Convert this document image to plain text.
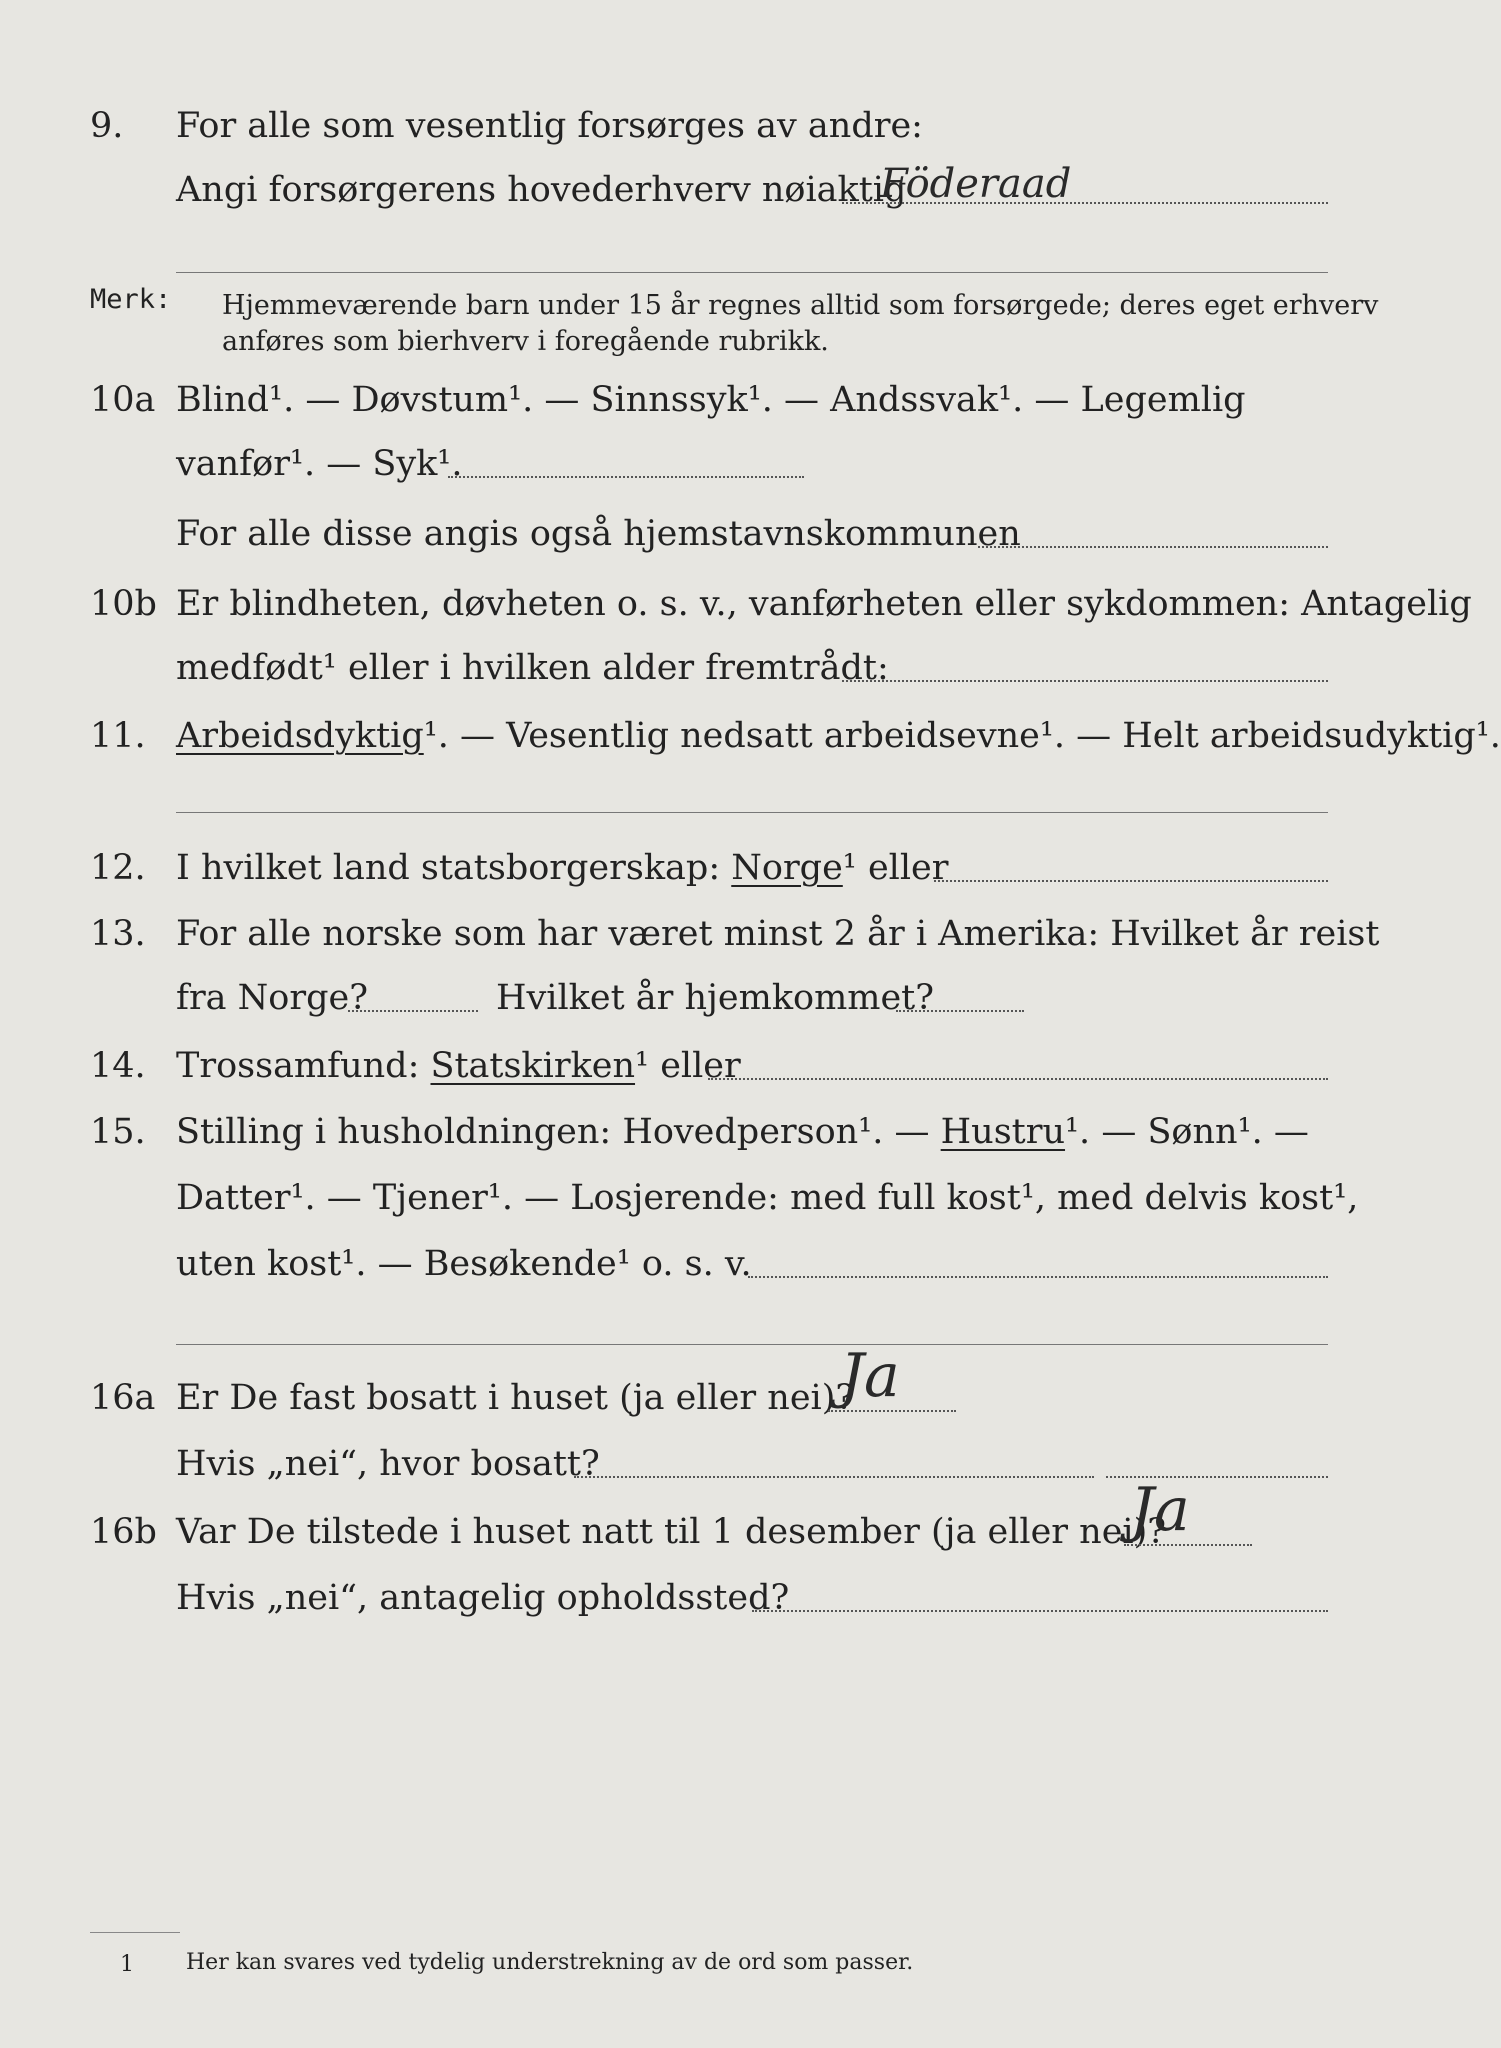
9. For alle som vesentlig forsørges av andre:
Angi forsørgerens hovederhverv nøiaktig
Föderaad
Merk: Hjemmeværende barn under 15 år regnes alltid som forsørgede; deres eget erhverv
anføres som bierhverv i foregående rubrikk.
10a Blind¹. — Døvstum¹. — Sinnssyk¹. — Andssvak¹. — Legemlig
vanfør¹. — Syk¹.
For alle disse angis også hjemstavnskommunen
10b Er blindheten, døvheten o. s. v., vanførheten eller sykdommen: Antagelig
medfødt¹ eller i hvilken alder fremtrådt:
11. Arbeidsdyktig¹. — Vesentlig nedsatt arbeidsevne¹. — Helt arbeidsudyktig¹.
12. I hvilket land statsborgerskap: Norge¹ eller
13. For alle norske som har været minst 2 år i Amerika: Hvilket år reist
fra Norge?	Hvilket år hjemkommet?
14. Trossamfund: Statskirken¹ eller
15. Stilling i husholdningen: Hovedperson¹. — Hustru¹. — Sønn¹. —
Datter¹. — Tjener¹. — Losjerende: med full kost¹, med delvis kost¹,
uten kost¹. — Besøkende¹ o. s. v.
16a Er De fast bosatt i huset (ja eller nei)?
Ja
Hvis „nei“, hvor bosatt?
16b Var De tilstede i huset natt til 1 desember (ja eller nei)?
Ja
Hvis „nei“, antagelig opholdssted?
1 Her kan svares ved tydelig understrekning av de ord som passer.
